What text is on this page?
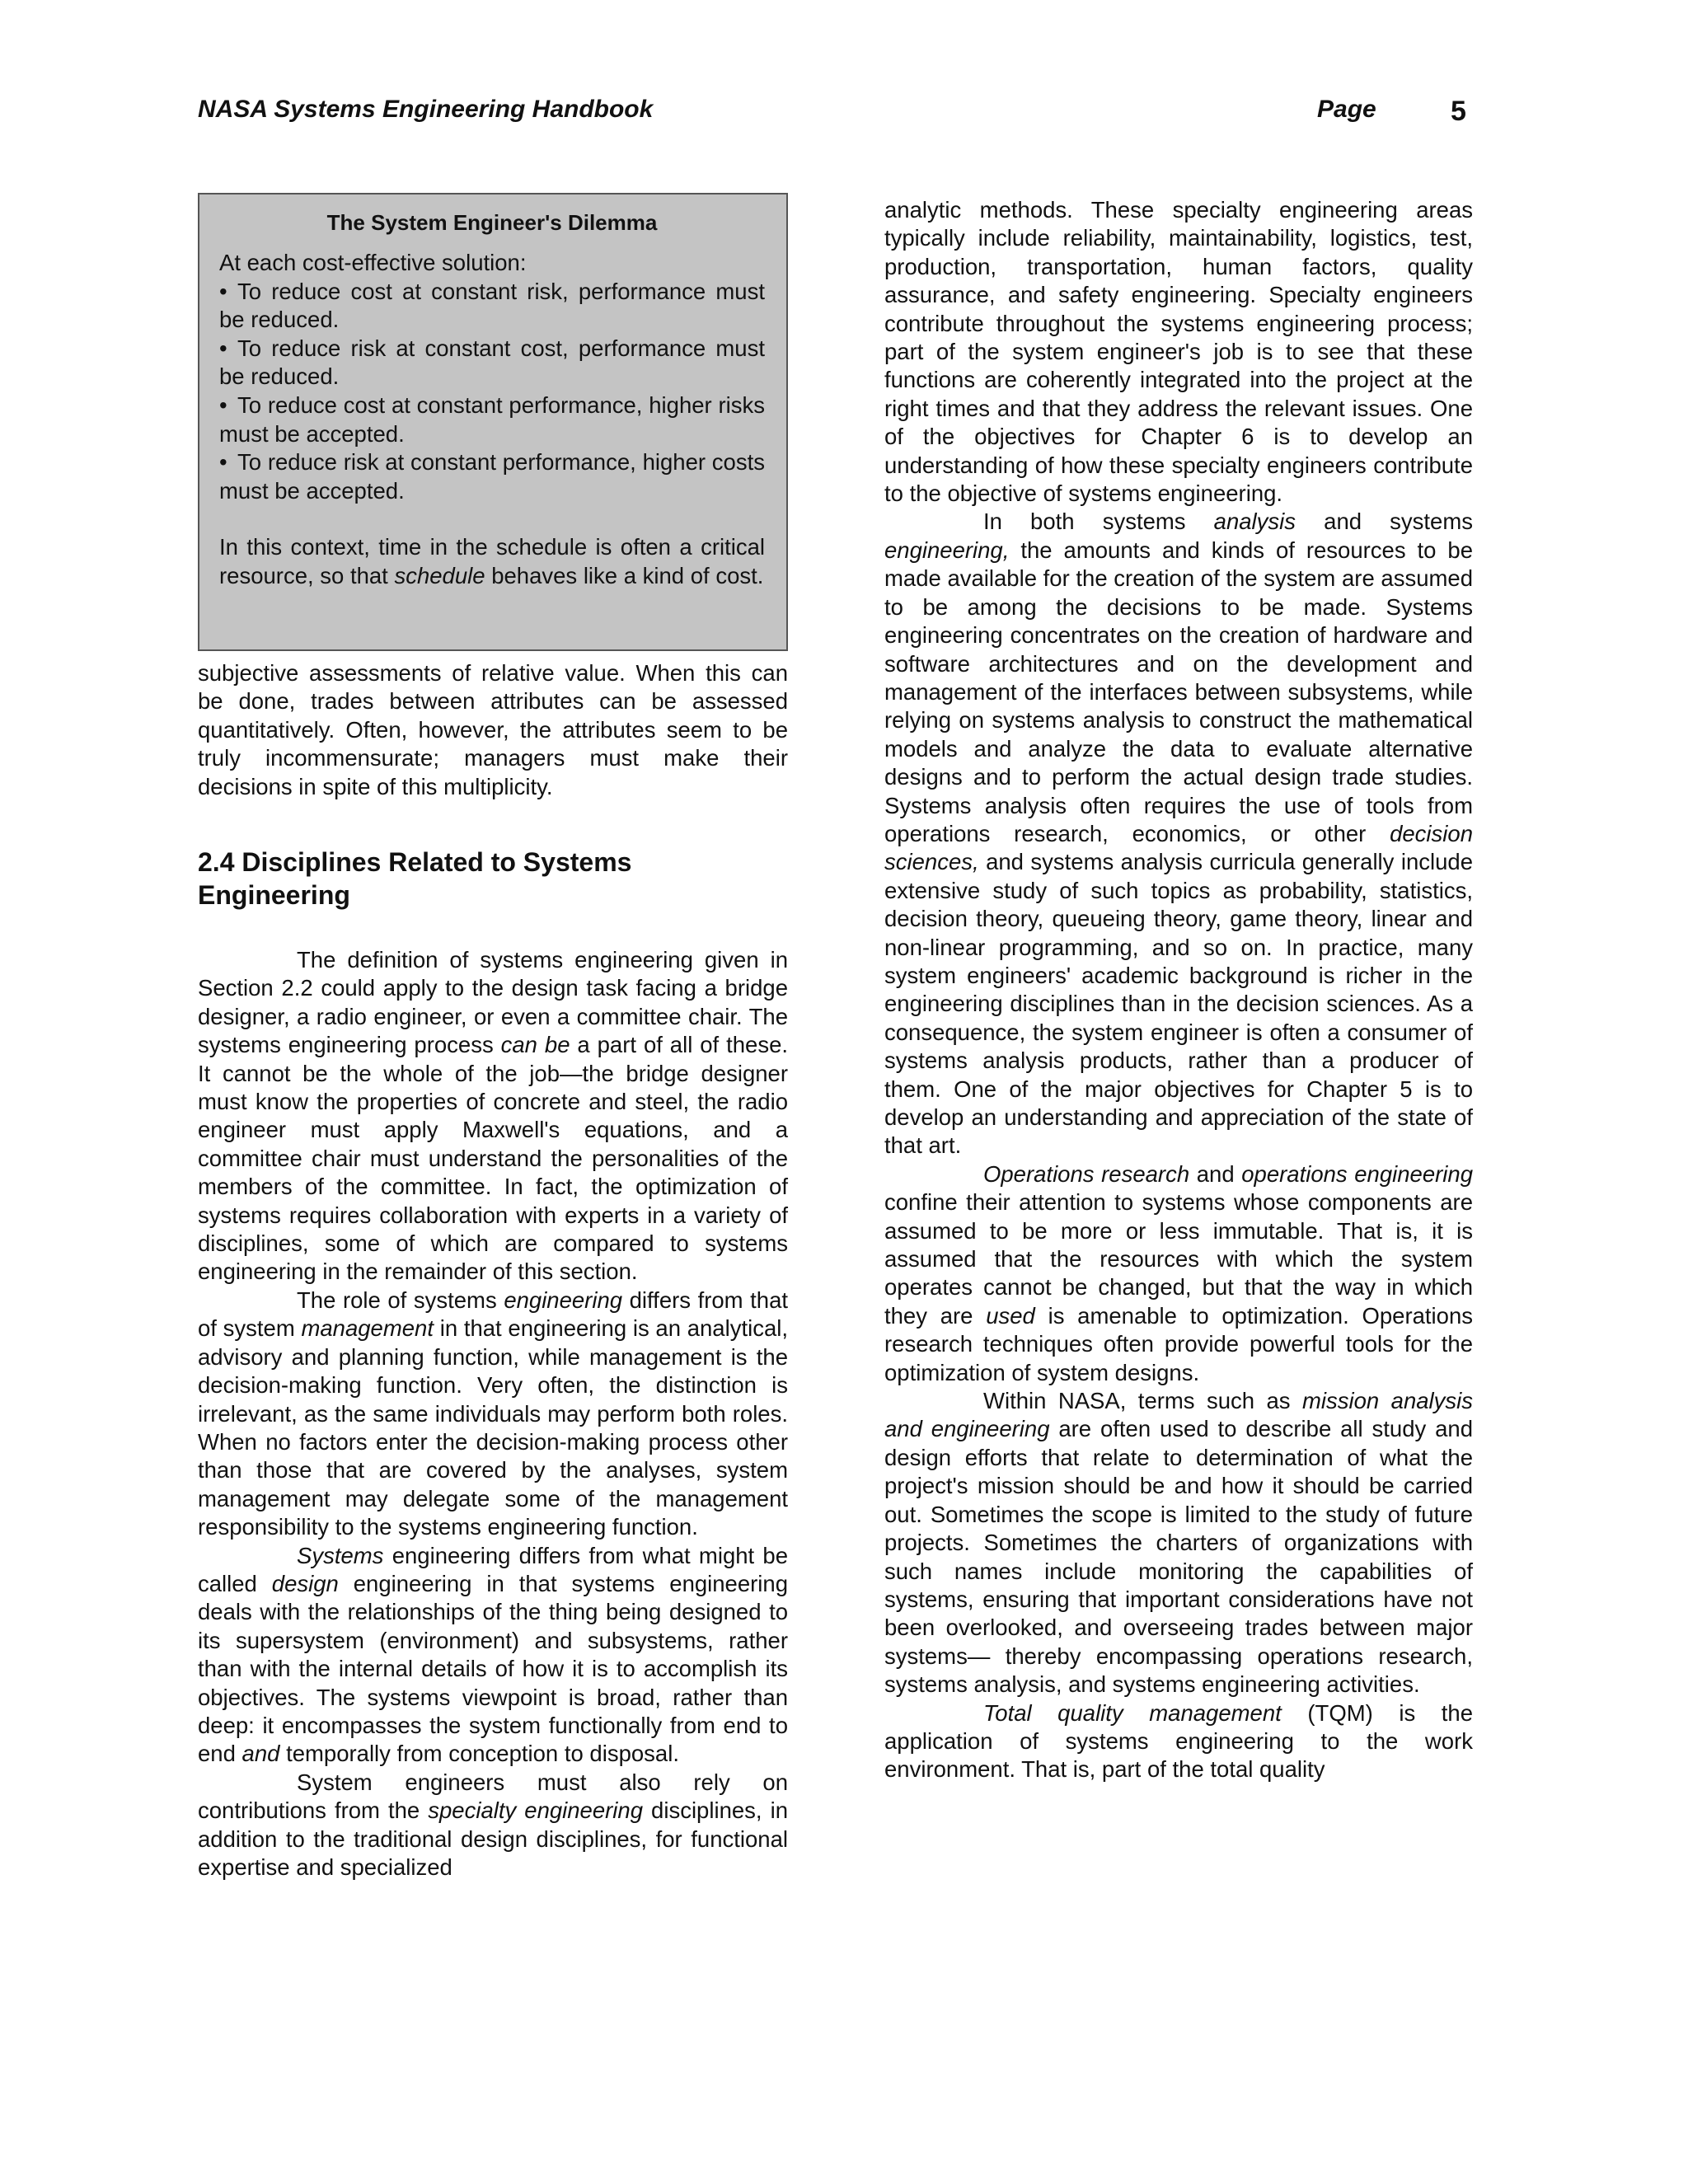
NASA Systems Engineering Handbook	Page	5
The System Engineer's Dilemma

At each cost-effective solution:

• To reduce cost at constant risk, performance must be reduced.
• To reduce risk at constant cost, performance must be reduced.
• To reduce cost at constant performance, higher risks must be accepted.
• To reduce risk at constant performance, higher costs must be accepted.

In this context, time in the schedule is often a critical resource, so that schedule behaves like a kind of cost.

subjective assessments of relative value. When this can be done, trades between attributes can be assessed quantitatively. Often, however, the attributes seem to be truly incommensurate; managers must make their decisions in spite of this multiplicity.

2.4 Disciplines Related to Systems Engineering

The definition of systems engineering given in Section 2.2 could apply to the design task facing a bridge designer, a radio engineer, or even a committee chair. The systems engineering process can be a part of all of these. It cannot be the whole of the job—the bridge designer must know the properties of concrete and steel, the radio engineer must apply Maxwell's equations, and a committee chair must understand the personalities of the members of the committee. In fact, the optimization of systems requires collaboration with experts in a variety of disciplines, some of which are compared to systems engineering in the remainder of this section.

The role of systems engineering differs from that of system management in that engineering is an analytical, advisory and planning function, while management is the decision-making function. Very often, the distinction is irrelevant, as the same individuals may perform both roles. When no factors enter the decision-making process other than those that are covered by the analyses, system management may delegate some of the management responsibility to the systems engineering function.

Systems engineering differs from what might be called design engineering in that systems engineering deals with the relationships of the thing being designed to its supersystem (environment) and subsystems, rather than with the internal details of how it is to accomplish its objectives. The systems viewpoint is broad, rather than deep: it encompasses the system functionally from end to end and temporally from conception to disposal.

System engineers must also rely on contributions from the specialty engineering disciplines, in addition to the traditional design disciplines, for functional expertise and specialized

analytic methods. These specialty engineering areas typically include reliability, maintainability, logistics, test, production, transportation, human factors, quality assurance, and safety engineering. Specialty engineers contribute throughout the systems engineering process; part of the system engineer's job is to see that these functions are coherently integrated into the project at the right times and that they address the relevant issues. One of the objectives for Chapter 6 is to develop an understanding of how these specialty engineers contribute to the objective of systems engineering.

In both systems analysis and systems engineering, the amounts and kinds of resources to be made available for the creation of the system are assumed to be among the decisions to be made. Systems engineering concentrates on the creation of hardware and software architectures and on the development and management of the interfaces between subsystems, while relying on systems analysis to construct the mathematical models and analyze the data to evaluate alternative designs and to perform the actual design trade studies. Systems analysis often requires the use of tools from operations research, economics, or other decision sciences, and systems analysis curricula generally include extensive study of such topics as probability, statistics, decision theory, queueing theory, game theory, linear and non-linear programming, and so on. In practice, many system engineers' academic background is richer in the engineering disciplines than in the decision sciences. As a consequence, the system engineer is often a consumer of systems analysis products, rather than a producer of them. One of the major objectives for Chapter 5 is to develop an understanding and appreciation of the state of that art.

Operations research and operations engineering confine their attention to systems whose components are assumed to be more or less immutable. That is, it is assumed that the resources with which the system operates cannot be changed, but that the way in which they are used is amenable to optimization. Operations research techniques often provide powerful tools for the optimization of system designs.

Within NASA, terms such as mission analysis and engineering are often used to describe all study and design efforts that relate to determination of what the project's mission should be and how it should be carried out. Sometimes the scope is limited to the study of future projects. Sometimes the charters of organizations with such names include monitoring the capabilities of systems, ensuring that important considerations have not been overlooked, and overseeing trades between major systems— thereby encompassing operations research, systems analysis, and systems engineering activities.

Total quality management (TQM) is the application of systems engineering to the work environment. That is, part of the total quality
